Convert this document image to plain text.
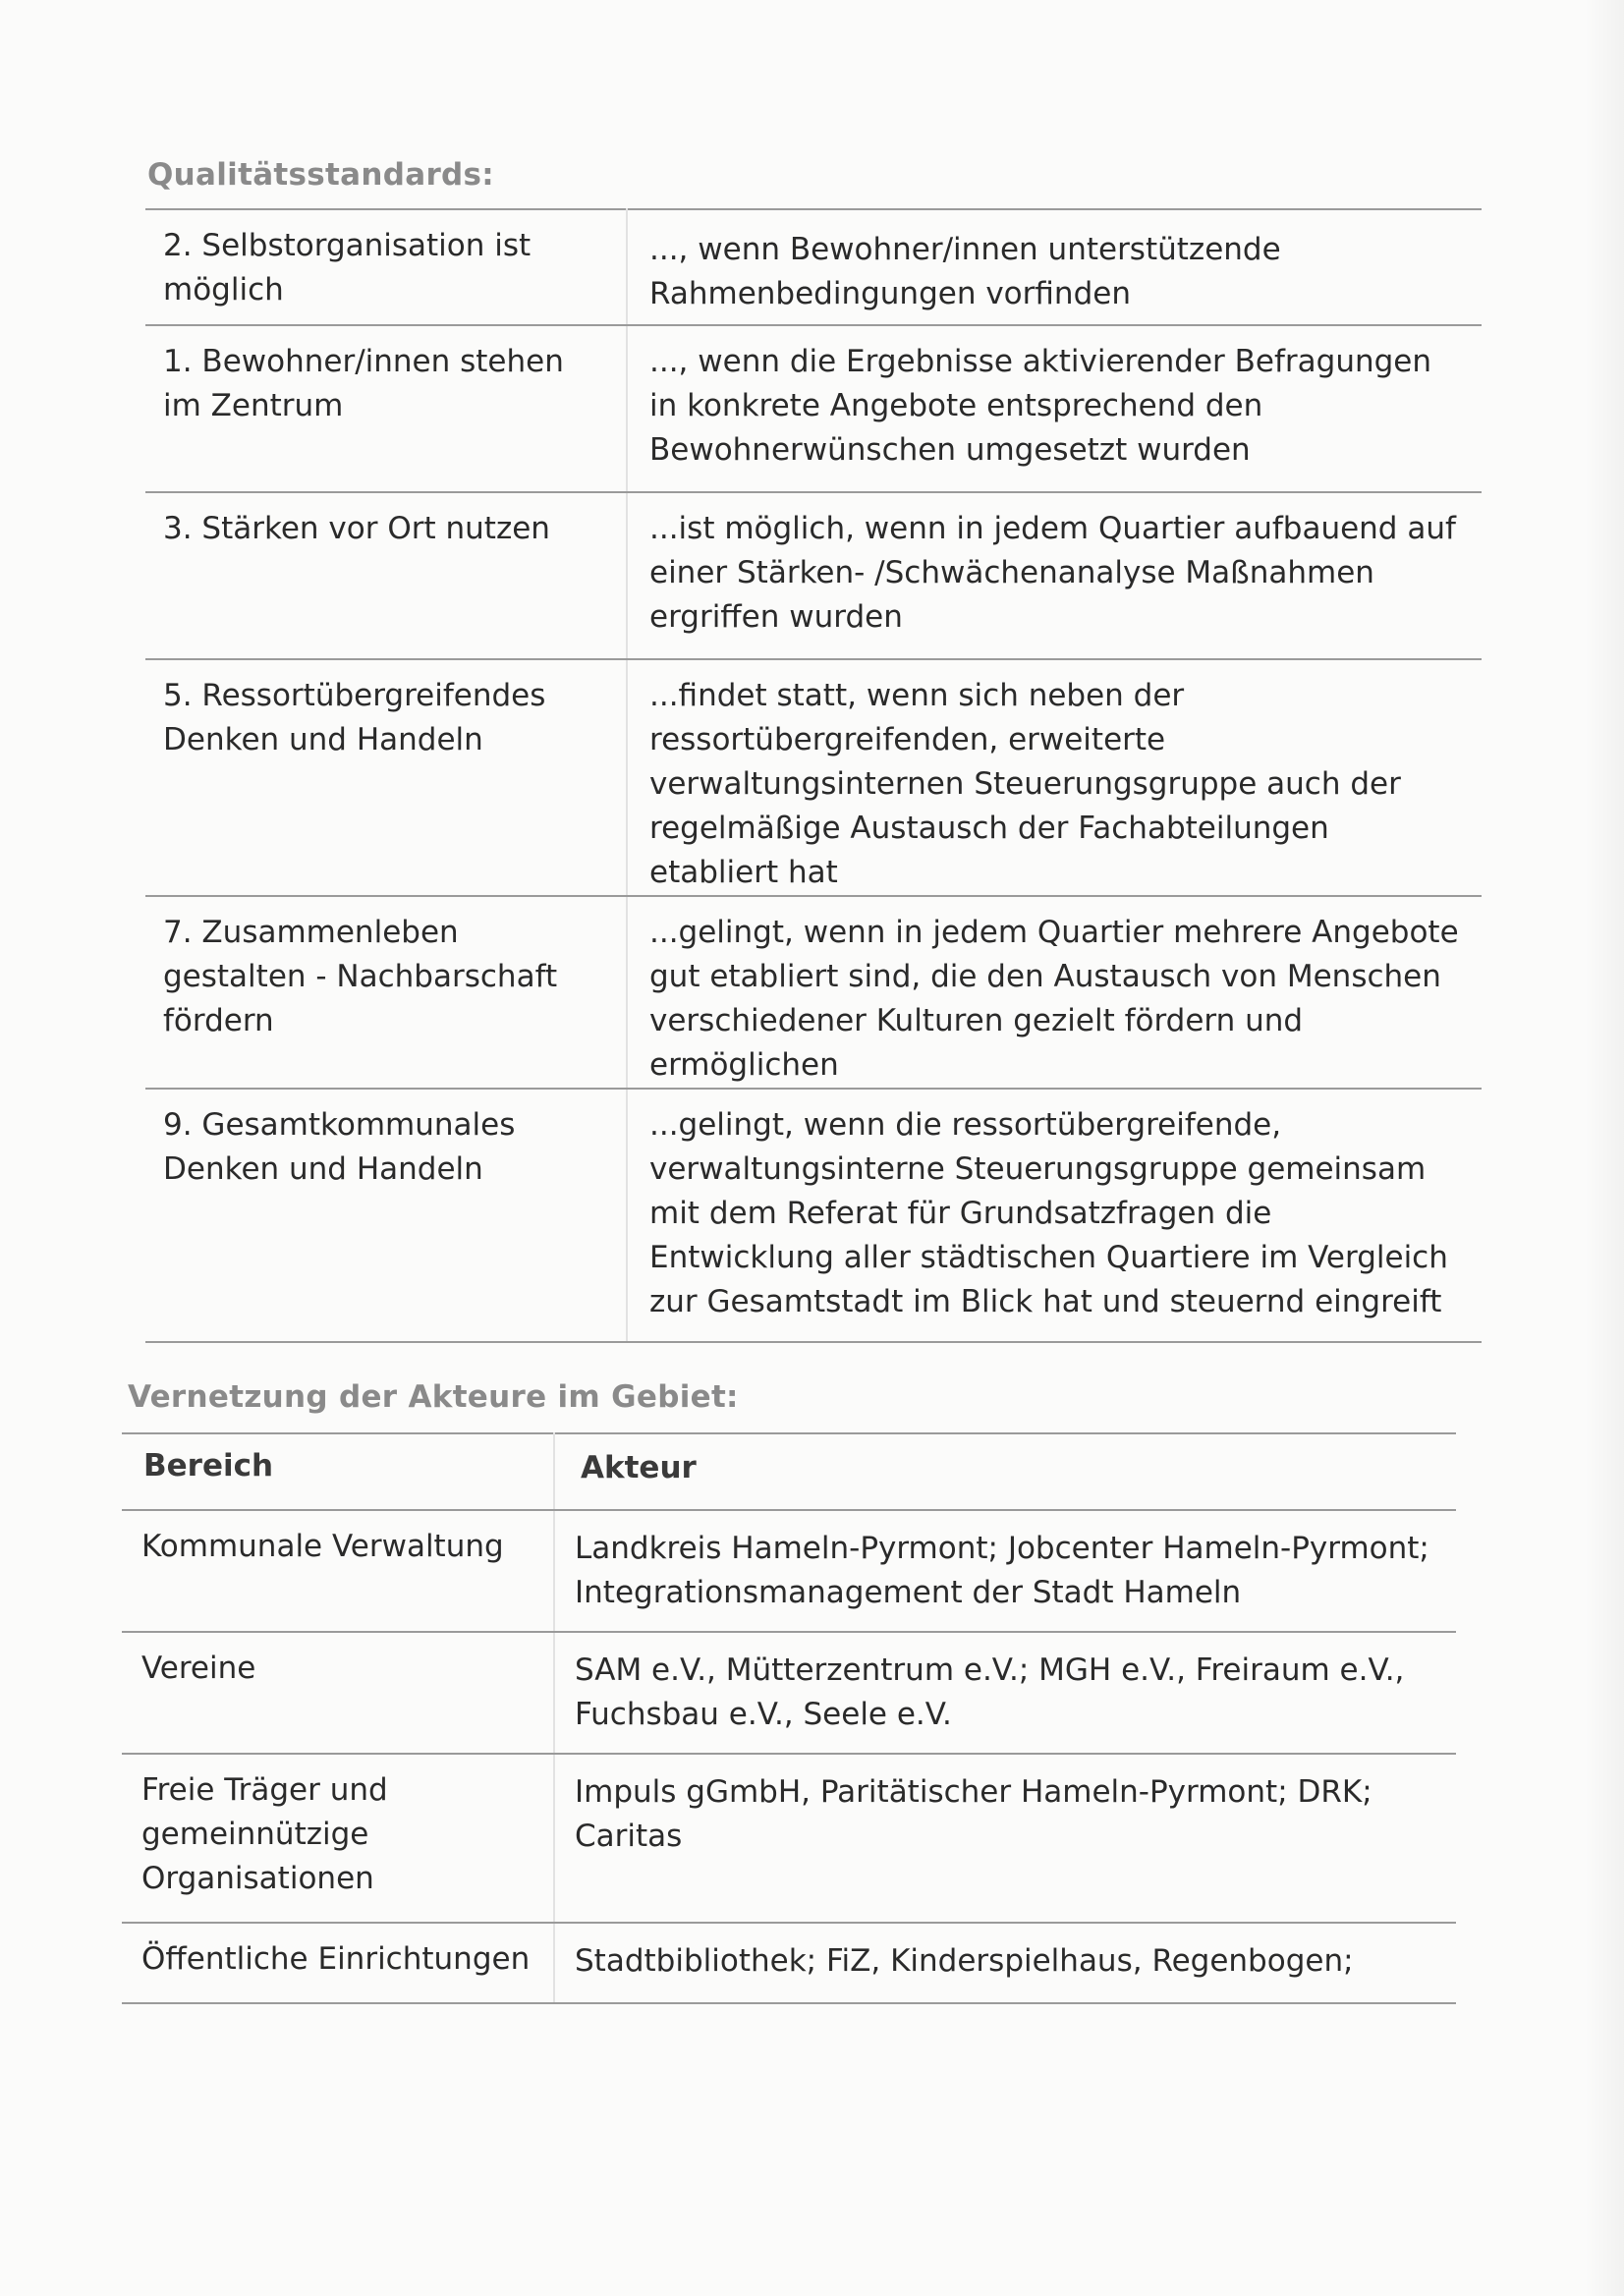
Qualitätsstandards:
2. Selbstorganisation ist möglich	..., wenn Bewohner/innen unterstützende Rahmenbedingungen vorfinden

1. Bewohner/innen stehen im Zentrum	..., wenn die Ergebnisse aktivierender Befragungen in konkrete Angebote entsprechend den Bewohnerwünschen umgesetzt wurden

3. Stärken vor Ort nutzen	...ist möglich, wenn in jedem Quartier aufbauend auf einer Stärken- /Schwächenanalyse Maßnahmen ergriffen wurden

5. Ressortübergreifendes Denken und Handeln	...findet statt, wenn sich neben der ressortübergreifenden, erweiterte verwaltungsinternen Steuerungsgruppe auch der regelmäßige Austausch der Fachabteilungen etabliert hat

7. Zusammenleben gestalten - Nachbarschaft fördern	...gelingt, wenn in jedem Quartier mehrere Angebote gut etabliert sind, die den Austausch von Menschen verschiedener Kulturen gezielt fördern und ermöglichen

9. Gesamtkommunales Denken und Handeln	...gelingt, wenn die ressortübergreifende, verwaltungsinterne Steuerungsgruppe gemeinsam mit dem Referat für Grundsatzfragen die Entwicklung aller städtischen Quartiere im Vergleich zur Gesamtstadt im Blick hat und steuernd eingreift
Vernetzung der Akteure im Gebiet:
Bereich	Akteur

Kommunale Verwaltung	Landkreis Hameln-Pyrmont; Jobcenter Hameln-Pyrmont; Integrationsmanagement der Stadt Hameln

Vereine	SAM e.V., Mütterzentrum e.V.; MGH e.V., Freiraum e.V., Fuchsbau e.V., Seele e.V.

Freie Träger und gemeinnützige Organisationen	Impuls gGmbH, Paritätischer Hameln-Pyrmont; DRK; Caritas

Öffentliche Einrichtungen	Stadtbibliothek; FiZ, Kinderspielhaus, Regenbogen;
